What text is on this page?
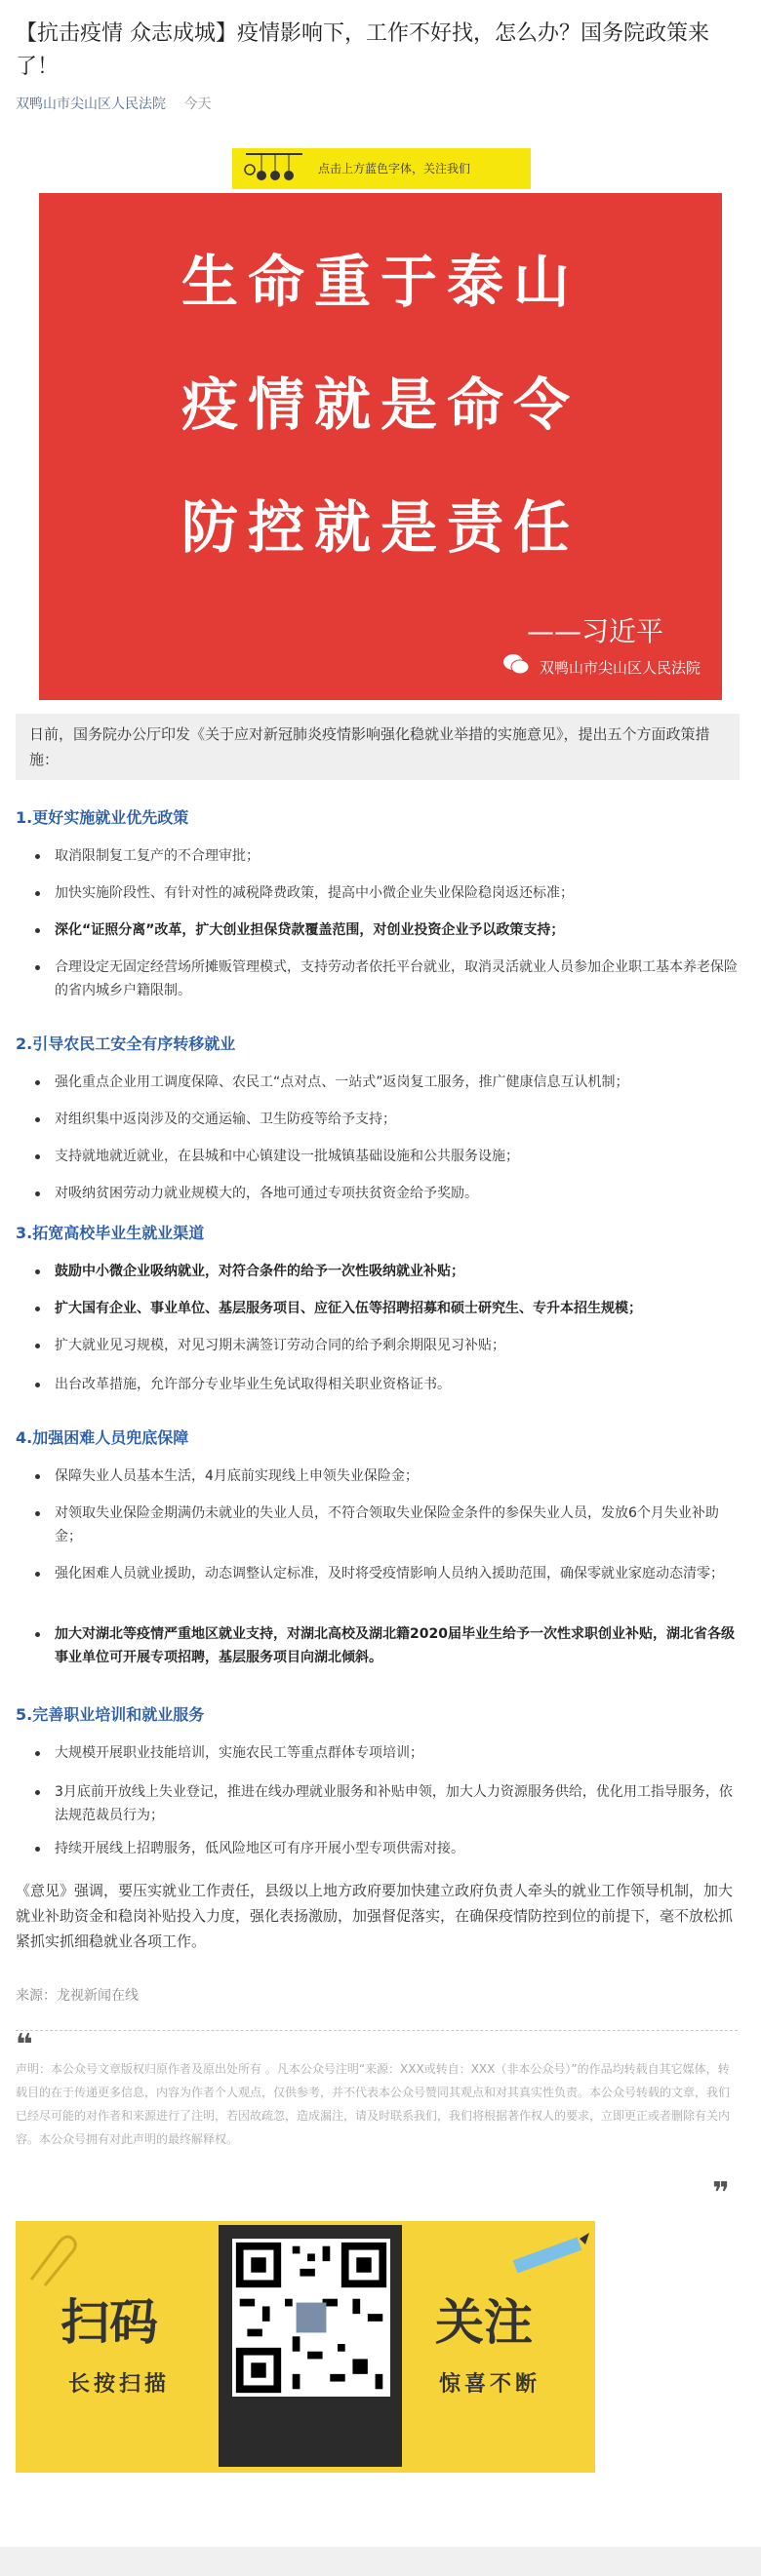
【抗击疫情 众志成城】疫情影响下，工作不好找，怎么办？国务院政策来了！
双鸭山市尖山区人民法院 今天
点击上方蓝色字体，关注我们
生命重于泰山
疫情就是命令
防控就是责任
——习近平
双鸭山市尖山区人民法院
日前，国务院办公厅印发《关于应对新冠肺炎疫情影响强化稳就业举措的实施意见》，提出五个方面政策措施：
1.更好实施就业优先政策
取消限制复工复产的不合理审批；
加快实施阶段性、有针对性的减税降费政策，提高中小微企业失业保险稳岗返还标准；
深化“证照分离”改革，扩大创业担保贷款覆盖范围，对创业投资企业予以政策支持；
合理设定无固定经营场所摊贩管理模式，支持劳动者依托平台就业，取消灵活就业人员参加企业职工基本养老保险的省内城乡户籍限制。
2.引导农民工安全有序转移就业
强化重点企业用工调度保障、农民工“点对点、一站式”返岗复工服务，推广健康信息互认机制；
对组织集中返岗涉及的交通运输、卫生防疫等给予支持；
支持就地就近就业，在县城和中心镇建设一批城镇基础设施和公共服务设施；
对吸纳贫困劳动力就业规模大的，各地可通过专项扶贫资金给予奖励。
3.拓宽高校毕业生就业渠道
鼓励中小微企业吸纳就业，对符合条件的给予一次性吸纳就业补贴；
扩大国有企业、事业单位、基层服务项目、应征入伍等招聘招募和硕士研究生、专升本招生规模；
扩大就业见习规模，对见习期未满签订劳动合同的给予剩余期限见习补贴；
出台改革措施，允许部分专业毕业生免试取得相关职业资格证书。
4.加强困难人员兜底保障
保障失业人员基本生活，4月底前实现线上申领失业保险金；
对领取失业保险金期满仍未就业的失业人员，不符合领取失业保险金条件的参保失业人员，发放6个月失业补助金；
强化困难人员就业援助，动态调整认定标准，及时将受疫情影响人员纳入援助范围，确保零就业家庭动态清零；
加大对湖北等疫情严重地区就业支持，对湖北高校及湖北籍2020届毕业生给予一次性求职创业补贴，湖北省各级事业单位可开展专项招聘，基层服务项目向湖北倾斜。
5.完善职业培训和就业服务
大规模开展职业技能培训，实施农民工等重点群体专项培训；
3月底前开放线上失业登记，推进在线办理就业服务和补贴申领，加大人力资源服务供给，优化用工指导服务，依法规范裁员行为；
持续开展线上招聘服务，低风险地区可有序开展小型专项供需对接。
《意见》强调，要压实就业工作责任，县级以上地方政府要加快建立政府负责人牵头的就业工作领导机制，加大就业补助资金和稳岗补贴投入力度，强化表扬激励，加强督促落实，在确保疫情防控到位的前提下，毫不放松抓紧抓实抓细稳就业各项工作。
来源：龙视新闻在线
❝
声明：本公众号文章版权归原作者及原出处所有 。凡本公众号注明“来源：XXX或转自：XXX（非本公众号）”的作品均转载自其它媒体，转载目的在于传递更多信息，内容为作者个人观点，仅供参考，并不代表本公众号赞同其观点和对其真实性负责。本公众号转载的文章，我们已经尽可能的对作者和来源进行了注明，若因故疏忽，造成漏注，请及时联系我们，我们将根据著作权人的要求，立即更正或者删除有关内容。本公众号拥有对此声明的最终解释权。
❞
扫码
长按扫描
关注
惊喜不断
